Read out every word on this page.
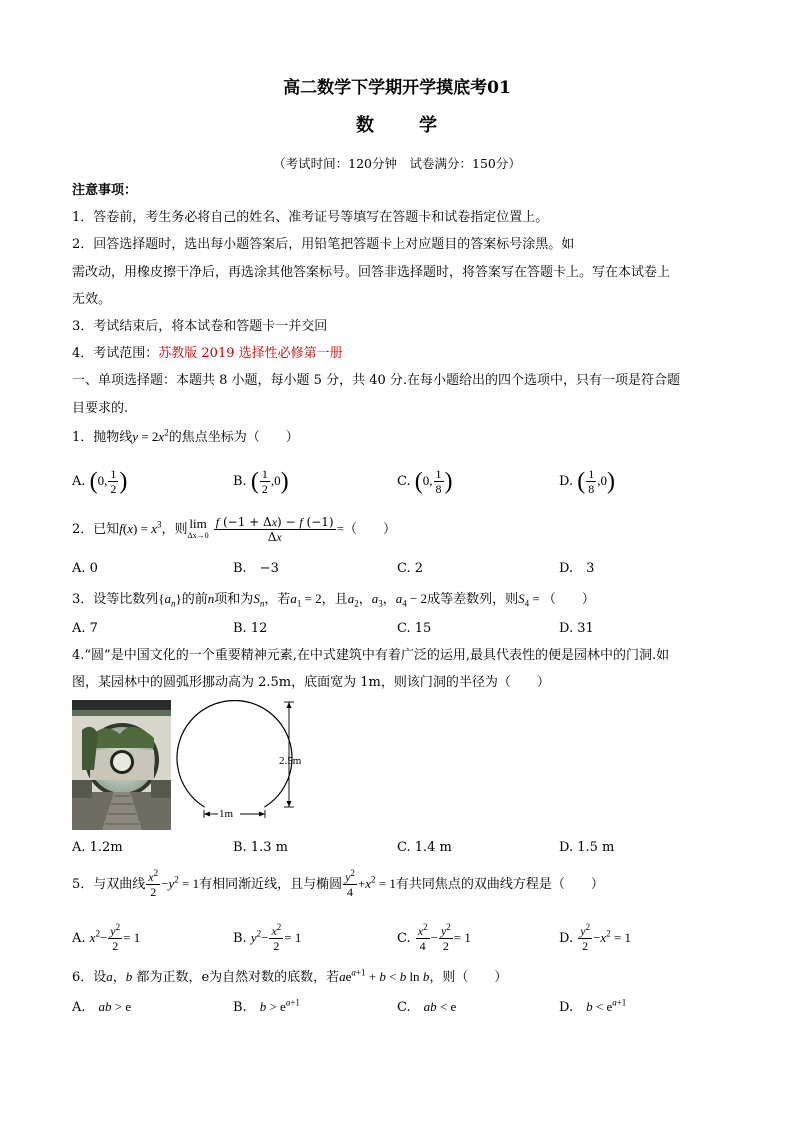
高二数学下学期开学摸底考01
数 学
（考试时间：120分钟　试卷满分：150分）
注意事项：
1．答卷前，考生务必将自己的姓名、准考证号等填写在答题卡和试卷指定位置上。
2．回答选择题时，选出每小题答案后，用铅笔把答题卡上对应题目的答案标号涂黑。如
需改动，用橡皮擦干净后，再选涂其他答案标号。回答非选择题时，将答案写在答题卡上。写在本试卷上
无效。
3．考试结束后，将本试卷和答题卡一并交回
4．考试范围：苏教版 2019 选择性必修第一册
一、单项选择题：本题共 8 小题，每小题 5 分，共 40 分.在每小题给出的四个选项中，只有一项是符合题
目要求的.
1．抛物线$y = 2x^2$的焦点坐标为（　　）
A. (0, $\frac{1}{2}$ )	B. ( $\frac{1}{2} ,0$)	C. (0, $\frac{1}{8}$ )	D. ( $\frac{1}{8} ,0$)
2．已知$f(x) = x^3$，则 lim
Δx→0
$\frac{f (-1 + \Delta x) - f (-1)}{\Delta x}$ =（　　）
A. 0	B.　−3	C. 2	D.　3
3．设等比数列$\{a_n\}$的前n项和为$S_n$，若$a_1 = 2$，且$a_2$，$a_3$，$a_4 - 2$成等差数列，则$S_4$ = （　　）
A. 7	B. 12	C. 15	D. 31
4.“圆”是中国文化的一个重要精神元素,在中式建筑中有着广泛的运用,最具代表性的便是园林中的门洞.如
图，某园林中的圆弧形挪动高为 2.5m，底面宽为 1m，则该门洞的半径为（　　）
2.5m
1m
A. 1.2m	B. 1.3 m	C. 1.4 m	D. 1.5 m
5．与双曲线 $\frac{x^2}{2} -y^2 = 1$有相同渐近线，且与椭圆 $\frac{y^2}{4} +x^2 = 1$有共同焦点的双曲线方程是（　　）
A. $x^2- \frac{y^2}{2} = 1$	B. $y^2- \frac{x^2}{2} = 1$	C. $\frac{x^2}{4} - \frac{y^2}{2} = 1$	D. $\frac{y^2}{2} -x^2 = 1$
6．设a，b 都为正数，e为自然对数的底数，若$ae^{a+1} + b < b$ ln b，则（　　）
A.　 ab > e	B.　 $b > e^{a+1}$	C.　 ab < e	D.　 $b < e^{a+1}$
